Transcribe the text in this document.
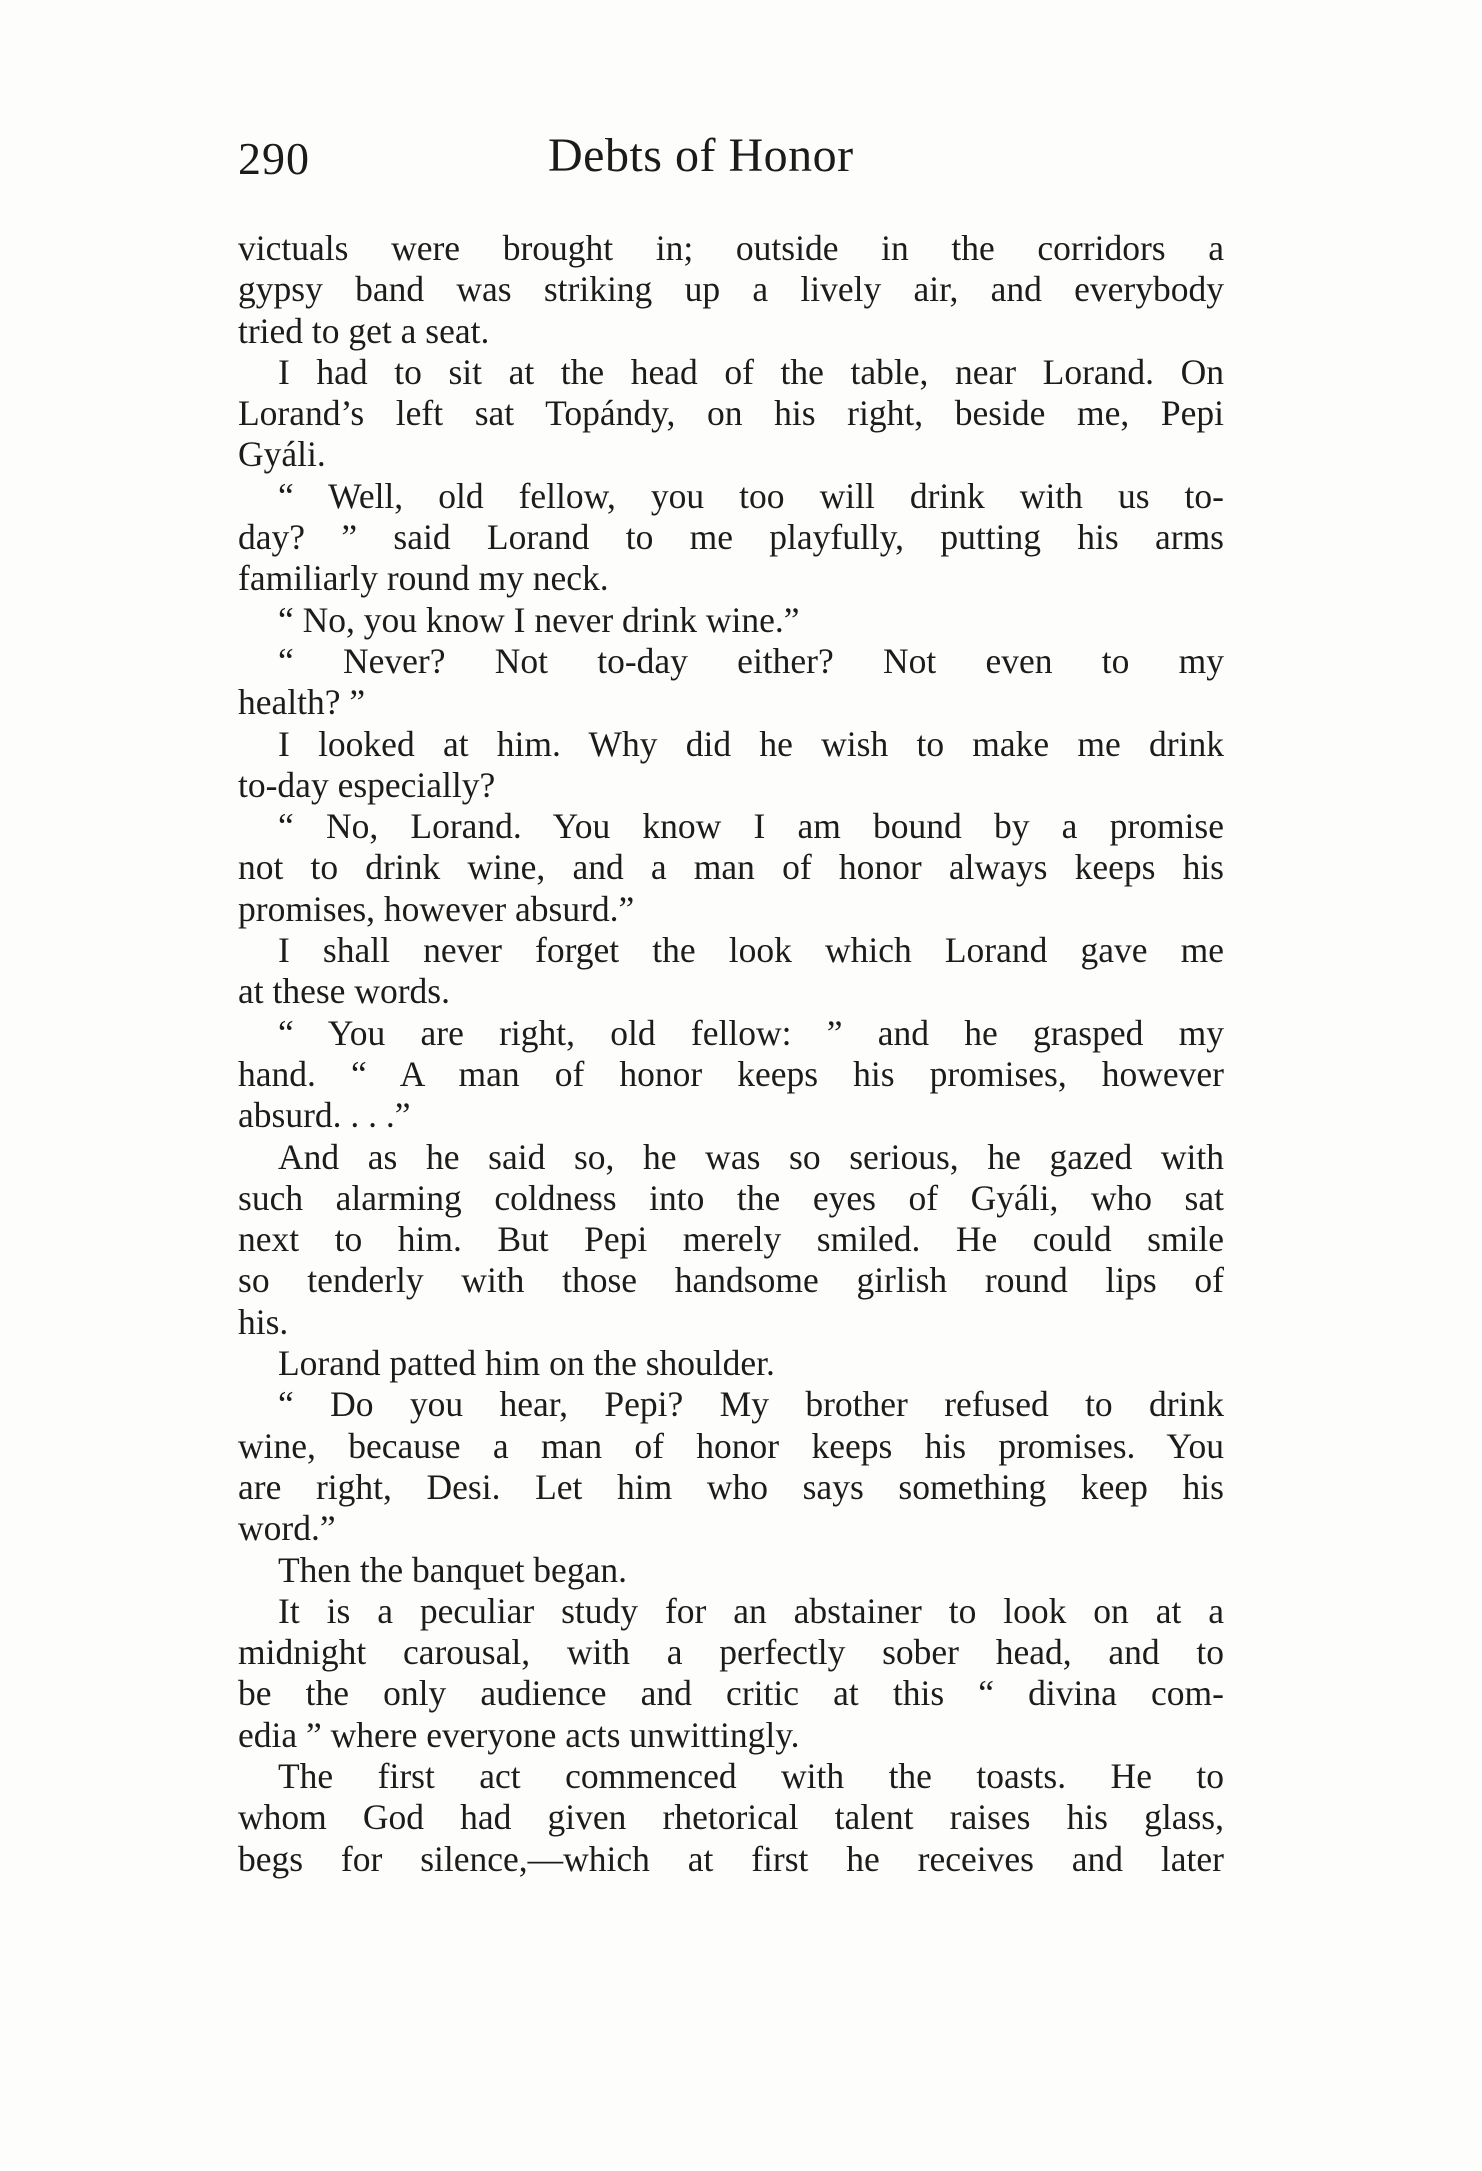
290	Debts of Honor
victuals were brought in; outside in the corridors a
gypsy band was striking up a lively air, and everybody
tried to get a seat.
I had to sit at the head of the table, near Lorand. On
Lorand’s left sat Topándy, on his right, beside me, Pepi
Gyáli.
“ Well, old fellow, you too will drink with us to-
day? ” said Lorand to me playfully, putting his arms
familiarly round my neck.
“ No, you know I never drink wine.”
“ Never? Not to-day either? Not even to my
health? ”
I looked at him. Why did he wish to make me drink
to-day especially?
“ No, Lorand. You know I am bound by a promise
not to drink wine, and a man of honor always keeps his
promises, however absurd.”
I shall never forget the look which Lorand gave me
at these words.
“ You are right, old fellow: ” and he grasped my
hand. “ A man of honor keeps his promises, however
absurd. . . .”
And as he said so, he was so serious, he gazed with
such alarming coldness into the eyes of Gyáli, who sat
next to him. But Pepi merely smiled. He could smile
so tenderly with those handsome girlish round lips of
his.
Lorand patted him on the shoulder.
“ Do you hear, Pepi? My brother refused to drink
wine, because a man of honor keeps his promises. You
are right, Desi. Let him who says something keep his
word.”
Then the banquet began.
It is a peculiar study for an abstainer to look on at a
midnight carousal, with a perfectly sober head, and to
be the only audience and critic at this “ divina com-
edia ” where everyone acts unwittingly.
The first act commenced with the toasts. He to
whom God had given rhetorical talent raises his glass,
begs for silence,—which at first he receives and later
